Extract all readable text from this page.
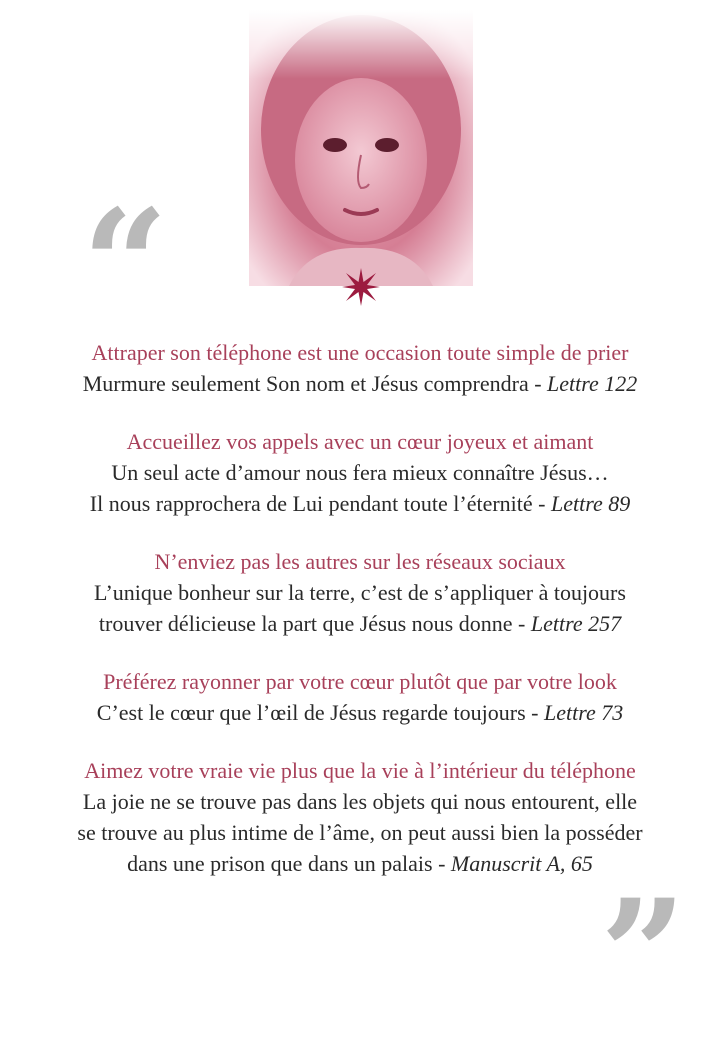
“
”

Attraper son téléphone est une occasion toute simple de prier

Murmure seulement Son nom et Jésus comprendra - Lettre 122

Accueillez vos appels avec un cœur joyeux et aimant

Un seul acte d’amour nous fera mieux connaître Jésus…

Il nous rapprochera de Lui pendant toute l’éternité - Lettre 89

N’enviez pas les autres sur les réseaux sociaux

L’unique bonheur sur la terre, c’est de s’appliquer à toujours

trouver délicieuse la part que Jésus nous donne - Lettre 257

Préférez rayonner par votre cœur plutôt que par votre look

C’est le cœur que l’œil de Jésus regarde toujours - Lettre 73

Aimez votre vraie vie plus que la vie à l’intérieur du téléphone

La joie ne se trouve pas dans les objets qui nous entourent, elle

se trouve au plus intime de l’âme, on peut aussi bien la posséder

dans une prison que dans un palais - Manuscrit A, 65
